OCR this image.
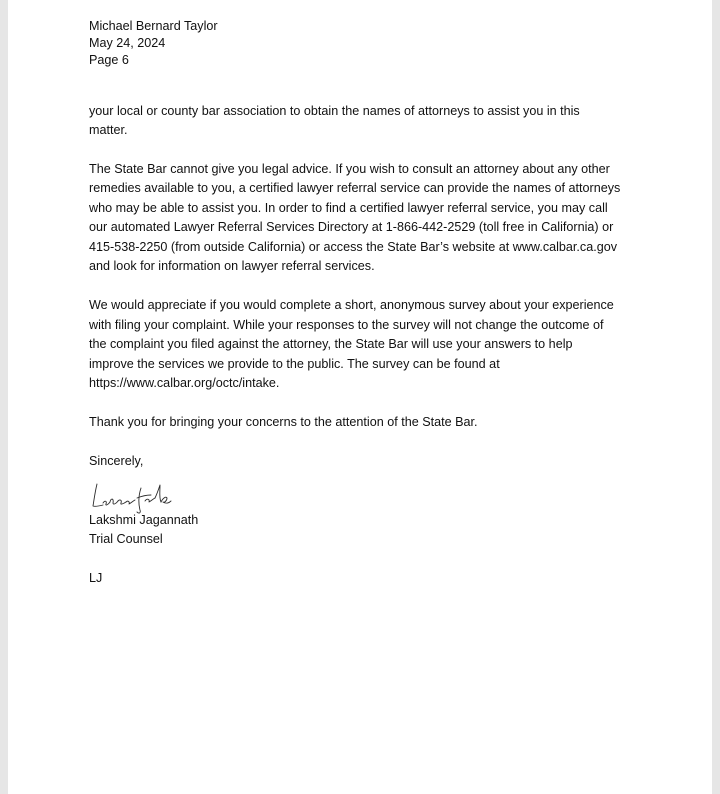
Michael Bernard Taylor
May 24, 2024
Page 6
your local or county bar association to obtain the names of attorneys to assist you in this
matter.
The State Bar cannot give you legal advice. If you wish to consult an attorney about any other
remedies available to you, a certified lawyer referral service can provide the names of attorneys
who may be able to assist you. In order to find a certified lawyer referral service, you may call
our automated Lawyer Referral Services Directory at 1-866-442-2529 (toll free in California) or
415-538-2250 (from outside California) or access the State Bar’s website at www.calbar.ca.gov
and look for information on lawyer referral services.
We would appreciate if you would complete a short, anonymous survey about your experience
with filing your complaint. While your responses to the survey will not change the outcome of
the complaint you filed against the attorney, the State Bar will use your answers to help
improve the services we provide to the public. The survey can be found at
https://www.calbar.org/octc/intake.
Thank you for bringing your concerns to the attention of the State Bar.
Sincerely,
Lakshmi Jagannath
Trial Counsel
LJ
